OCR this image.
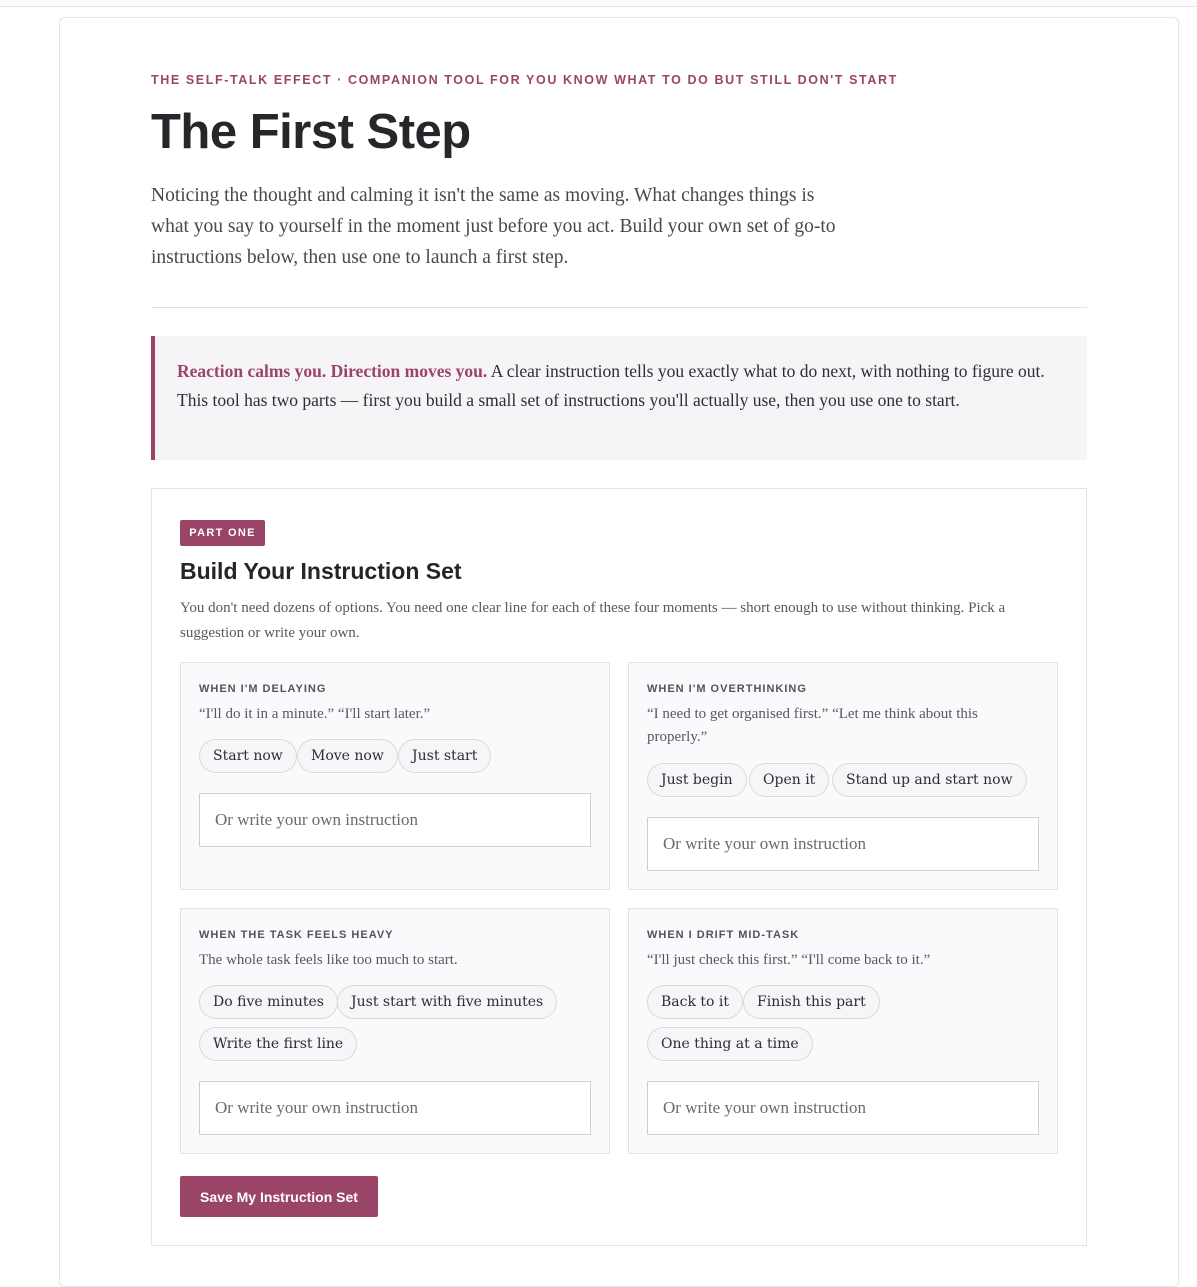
THE SELF-TALK EFFECT · COMPANION TOOL FOR YOU KNOW WHAT TO DO BUT STILL DON'T START
The First Step

Noticing the thought and calming it isn't the same as moving. What changes things is what you say to yourself in the moment just before you act. Build your own set of go-to instructions below, then use one to launch a first step.

Reaction calms you. Direction moves you. A clear instruction tells you exactly what to do next, with nothing to figure out. This tool has two parts — first you build a small set of instructions you'll actually use, then you use one to start.
PART ONE
Build Your Instruction Set

You don't need dozens of options. You need one clear line for each of these four moments — short enough to use without thinking. Pick a suggestion or write your own.

WHEN I'M DELAYING
“I'll do it in a minute.” “I'll start later.”
Start now	Move now	Just start
Or write your own instruction
WHEN I'M OVERTHINKING
“I need to get organised first.” “Let me think about this properly.”
Just begin	Open it	Stand up and start now
Or write your own instruction
WHEN THE TASK FEELS HEAVY
The whole task feels like too much to start.
Do five minutes	Just start with five minutes
Write the first line
Or write your own instruction
WHEN I DRIFT MID-TASK
“I'll just check this first.” “I'll come back to it.”
Back to it	Finish this part
One thing at a time
Or write your own instruction
Save My Instruction Set
